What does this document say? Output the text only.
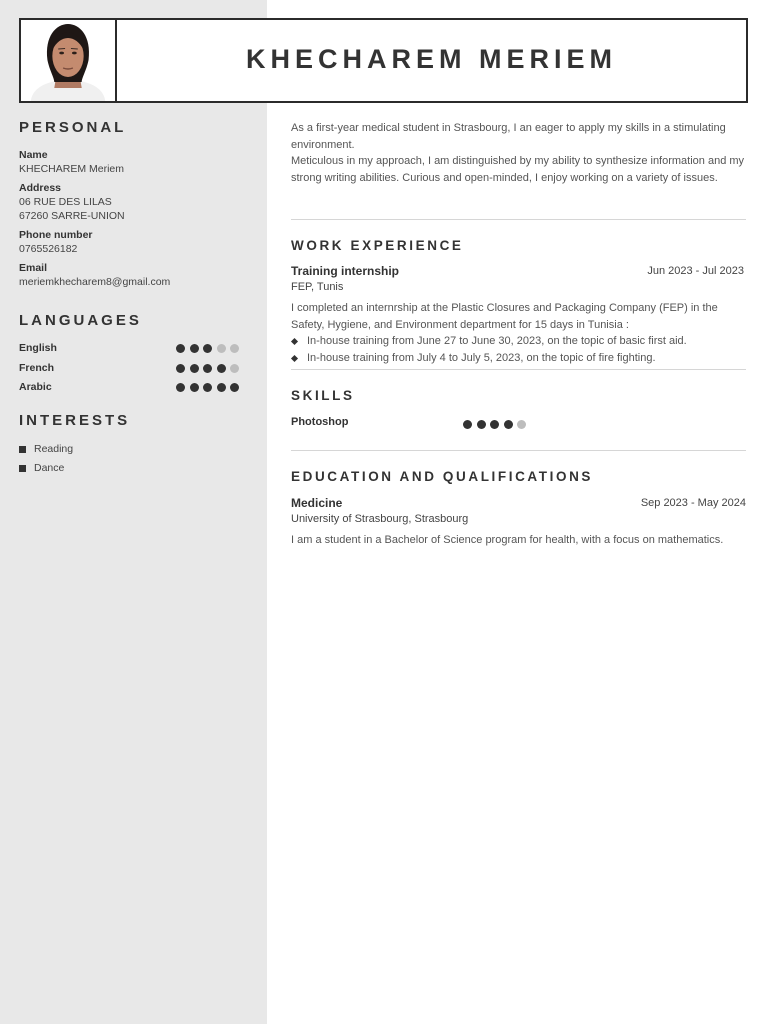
KHECHAREM MERIEM
PERSONAL
Name
KHECHAREM Meriem
Address
06 RUE DES LILAS
67260 SARRE-UNION
Phone number
0765526182
Email
meriemkhecharem8@gmail.com
LANGUAGES
English
French
Arabic
INTERESTS
Reading
Dance
As a first-year medical student in Strasbourg, I an eager to apply my skills in a stimulating environment.
Meticulous in my approach, I am distinguished by my ability to synthesize information and my strong writing abilities. Curious and open-minded, I enjoy working on a variety of issues.
WORK EXPERIENCE
Training internship	Jun 2023 - Jul 2023
FEP, Tunis
I completed an internrship at the Plastic Closures and Packaging Company (FEP) in the Safety, Hygiene, and Environment department for 15 days in Tunisia :
In-house training from June 27 to June 30, 2023, on the topic of basic first aid.
In-house training from July 4 to July 5, 2023, on the topic of fire fighting.
SKILLS
Photoshop
EDUCATION AND QUALIFICATIONS
Medicine	Sep 2023 - May 2024
University of Strasbourg, Strasbourg
I am a student in a Bachelor of Science program for health, with a focus on mathematics.
